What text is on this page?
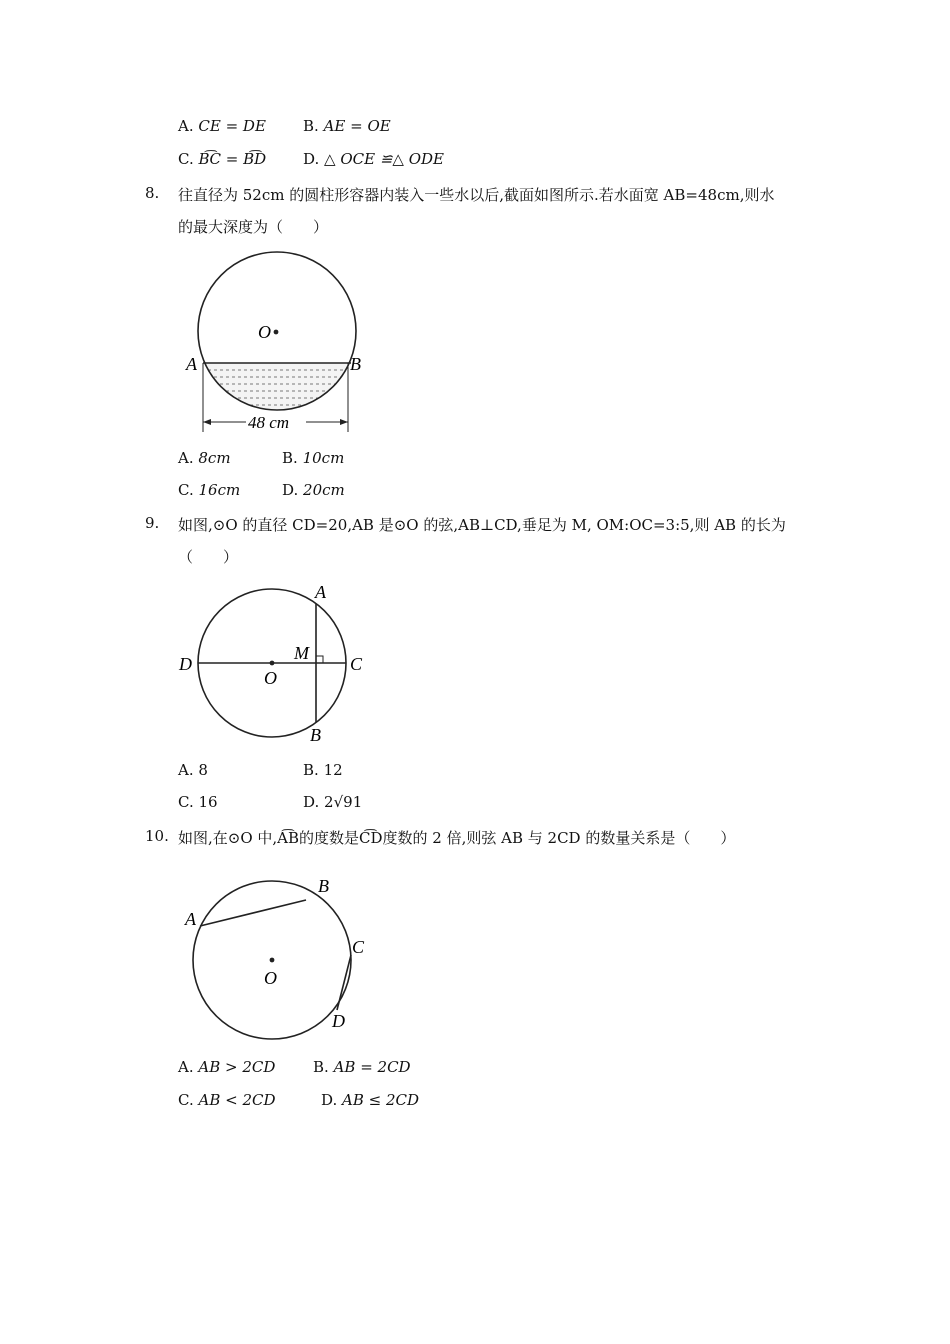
A. CE = DE B. AE = OE
C. B͡C = B͡D D. △ OCE ≌△ ODE
8. 往直径为 52cm 的圆柱形容器内装入一些水以后,截面如图所示.若水面宽 AB=48cm,则水
的最大深度为（　　）
O
A	B
48 cm
A. 8cm	B. 10cm
C. 16cm	D. 20cm
9. 如图,⊙O 的直径 CD=20,AB 是⊙O 的弦,AB⊥CD,垂足为 M, OM:OC=3:5,则 AB 的长为
（　　）
A
B
C
D
M
O
A. 8	B. 12
C. 16	D. 2√91
10. 如图,在⊙O 中,A͡B的度数是C͡D度数的 2 倍,则弦 AB 与 2CD 的数量关系是（　　）
A
B
C
D
O
A. AB > 2CD	B. AB = 2CD
C. AB < 2CD	D. AB ≤ 2CD
